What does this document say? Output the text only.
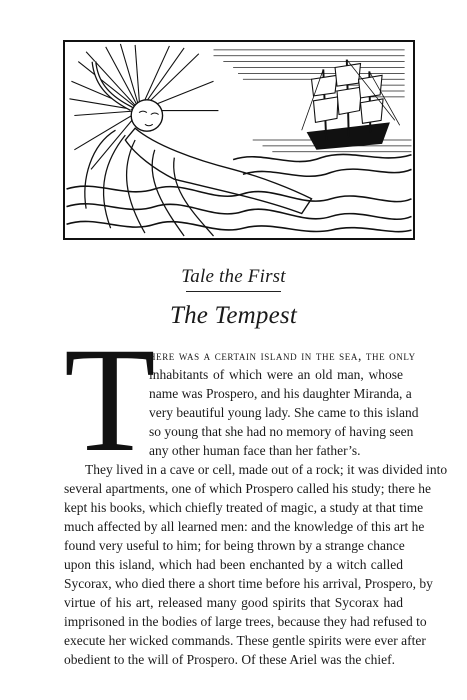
Tale the First
The Tempest
T
here was a certain island in the sea, the only
inhabitants of which were an old man, whose
name was Prospero, and his daughter Miranda, a
very beautiful young lady. She came to this island
so young that she had no memory of having seen
any other human face than her father’s.
They lived in a cave or cell, made out of a rock; it was divided into
several apartments, one of which Prospero called his study; there he
kept his books, which chiefly treated of magic, a study at that time
much affected by all learned men: and the knowledge of this art he
found very useful to him; for being thrown by a strange chance
upon this island, which had been enchanted by a witch called
Sycorax, who died there a short time before his arrival, Prospero, by
virtue of his art, released many good spirits that Sycorax had
imprisoned in the bodies of large trees, because they had refused to
execute her wicked commands. These gentle spirits were ever after
obedient to the will of Prospero. Of these Ariel was the chief.
